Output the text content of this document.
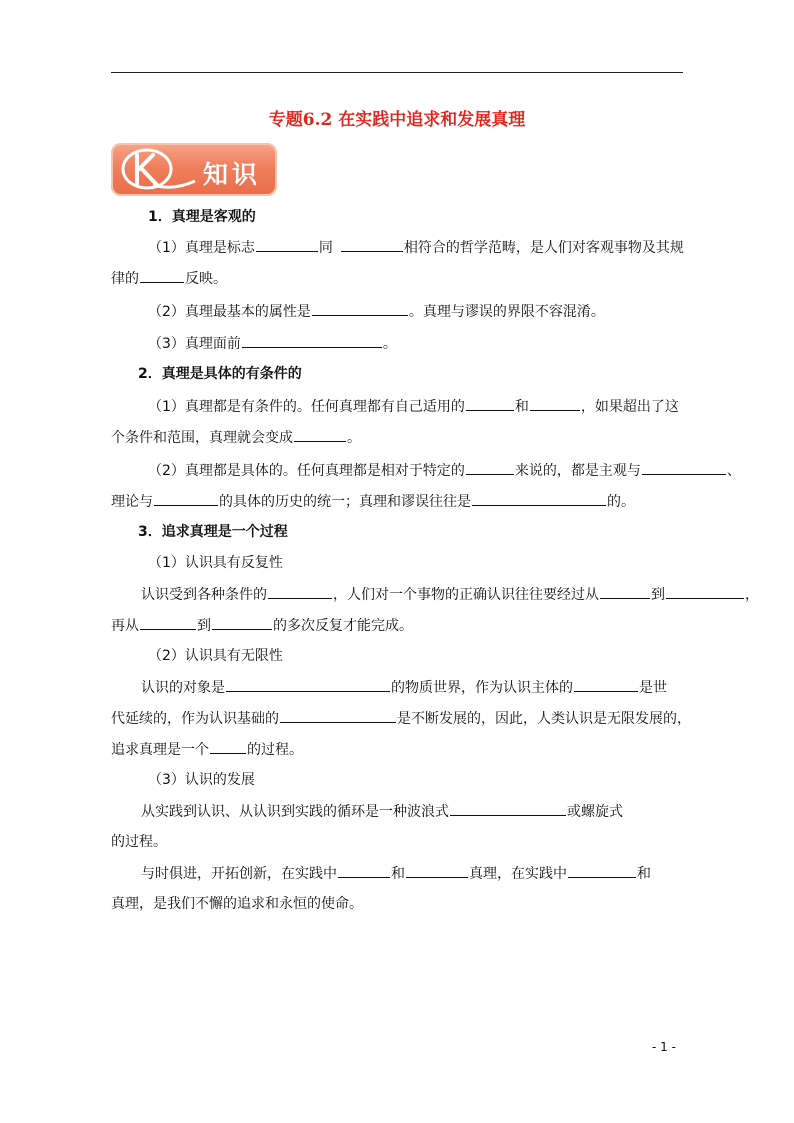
专题6.2 在实践中追求和发展真理
知识
1．真理是客观的
（1）真理是标志	同	相符合的哲学范畴，是人们对客观事物及其规
律的	反映。
（2）真理最基本的属性是	。真理与谬误的界限不容混淆。
（3）真理面前	。
2．真理是具体的有条件的
（1）真理都是有条件的。任何真理都有自己适用的	和	，如果超出了这
个条件和范围，真理就会变成	。
（2）真理都是具体的。任何真理都是相对于特定的	来说的，都是主观与	、
理论与	的具体的历史的统一；真理和谬误往往是	的。
3．追求真理是一个过程
（1）认识具有反复性
认识受到各种条件的	，人们对一个事物的正确认识往往要经过从	到	，
再从	到	的多次反复才能完成。
（2）认识具有无限性
认识的对象是	的物质世界，作为认识主体的	是世
代延续的，作为认识基础的	是不断发展的，因此，人类认识是无限发展的，
追求真理是一个	的过程。
（3）认识的发展
从实践到认识、从认识到实践的循环是一种波浪式	或螺旋式
的过程。
与时俱进，开拓创新，在实践中	和	真理，在实践中	和
真理，是我们不懈的追求和永恒的使命。
- 1 -
